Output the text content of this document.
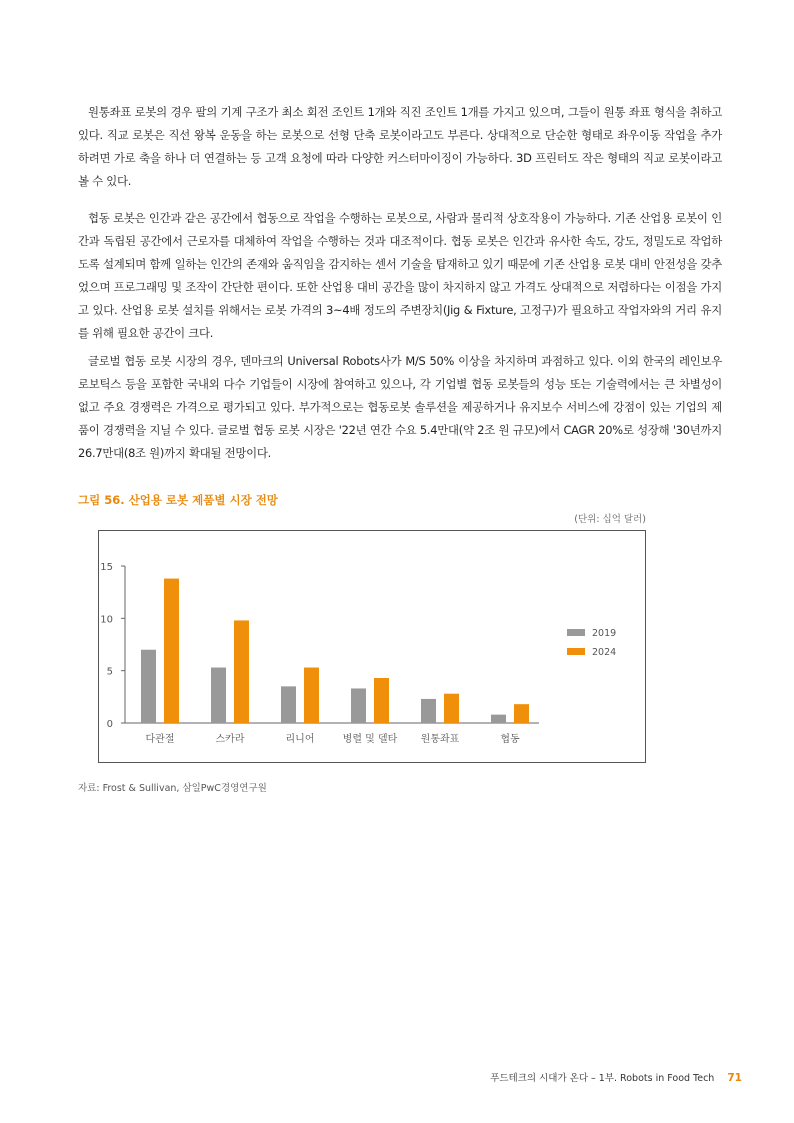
원통좌표 로봇의 경우 팔의 기계 구조가 최소 회전 조인트 1개와 직진 조인트 1개를 가지고 있으며, 그들이 원통 좌표 형식을 취하고 있다. 직교 로봇은 직선 왕복 운동을 하는 로봇으로 선형 단축 로봇이라고도 부른다. 상대적으로 단순한 형태로 좌우이동 작업을 추가하려면 가로 축을 하나 더 연결하는 등 고객 요청에 따라 다양한 커스터마이징이 가능하다. 3D 프린터도 작은 형태의 직교 로봇이라고 볼 수 있다.

협동 로봇은 인간과 같은 공간에서 협동으로 작업을 수행하는 로봇으로, 사람과 물리적 상호작용이 가능하다. 기존 산업용 로봇이 인간과 독립된 공간에서 근로자를 대체하여 작업을 수행하는 것과 대조적이다. 협동 로봇은 인간과 유사한 속도, 강도, 정밀도로 작업하도록 설계되며 함께 일하는 인간의 존재와 움직임을 감지하는 센서 기술을 탑재하고 있기 때문에 기존 산업용 로봇 대비 안전성을 갖추었으며 프로그래밍 및 조작이 간단한 편이다. 또한 산업용 대비 공간을 많이 차지하지 않고 가격도 상대적으로 저렴하다는 이점을 가지고 있다. 산업용 로봇 설치를 위해서는 로봇 가격의 3~4배 정도의 주변장치(Jig & Fixture, 고정구)가 필요하고 작업자와의 거리 유지를 위해 필요한 공간이 크다.

글로벌 협동 로봇 시장의 경우, 덴마크의 Universal Robots사가 M/S 50% 이상을 차지하며 과점하고 있다. 이외 한국의 레인보우로보틱스 등을 포함한 국내외 다수 기업들이 시장에 참여하고 있으나, 각 기업별 협동 로봇들의 성능 또는 기술력에서는 큰 차별성이 없고 주요 경쟁력은 가격으로 평가되고 있다. 부가적으로는 협동로봇 솔루션을 제공하거나 유지보수 서비스에 강점이 있는 기업의 제품이 경쟁력을 지닐 수 있다. 글로벌 협동 로봇 시장은 '22년 연간 수요 5.4만대(약 2조 원 규모)에서 CAGR 20%로 성장해 '30년까지 26.7만대(8조 원)까지 확대될 전망이다.

그림 56. 산업용 로봇 제품별 시장 전망

(단위: 십억 달러)
0
5
10
15
다관절	스카라	리니어	병렬 및 델타 원통좌표	협동
2019
2024
자료: Frost & Sullivan, 삼일PwC경영연구원
푸드테크의 시대가 온다 – 1부. Robots in Food Tech 71
